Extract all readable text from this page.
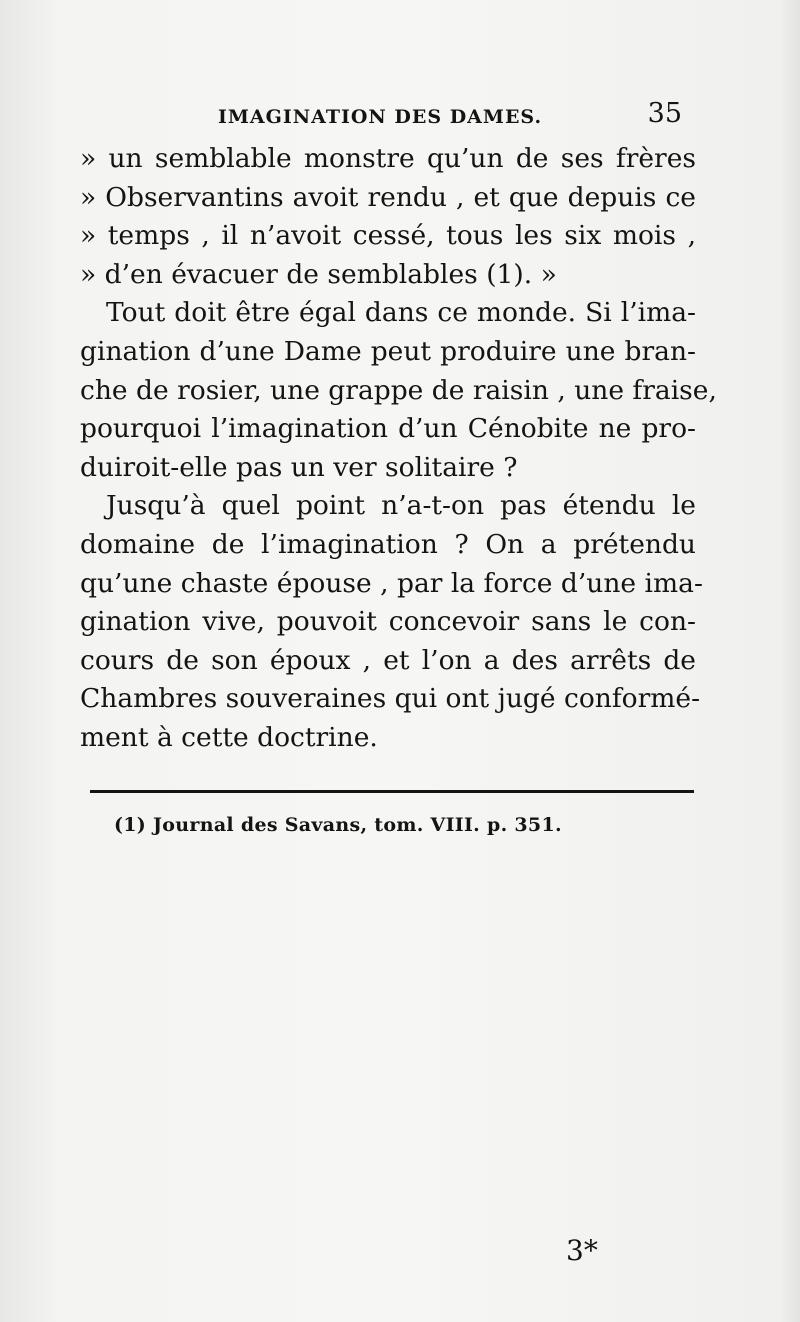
IMAGINATION DES DAMES.	35
» un semblable monstre qu’un de ses frères
» Observantins avoit rendu , et que depuis ce
» temps , il n’avoit cessé, tous les six mois ,
» d’en évacuer de semblables (1). »
Tout doit être égal dans ce monde. Si l’ima-
gination d’une Dame peut produire une bran-
che de rosier, une grappe de raisin , une fraise,
pourquoi l’imagination d’un Cénobite ne pro-
duiroit-elle pas un ver solitaire ?
Jusqu’à quel point n’a-t-on pas étendu le
domaine de l’imagination ? On a prétendu
qu’une chaste épouse , par la force d’une ima-
gination vive, pouvoit concevoir sans le con-
cours de son époux , et l’on a des arrêts de
Chambres souveraines qui ont jugé conformé-
ment à cette doctrine.
(1) Journal des Savans, tom. VIII. p. 351.
3*
